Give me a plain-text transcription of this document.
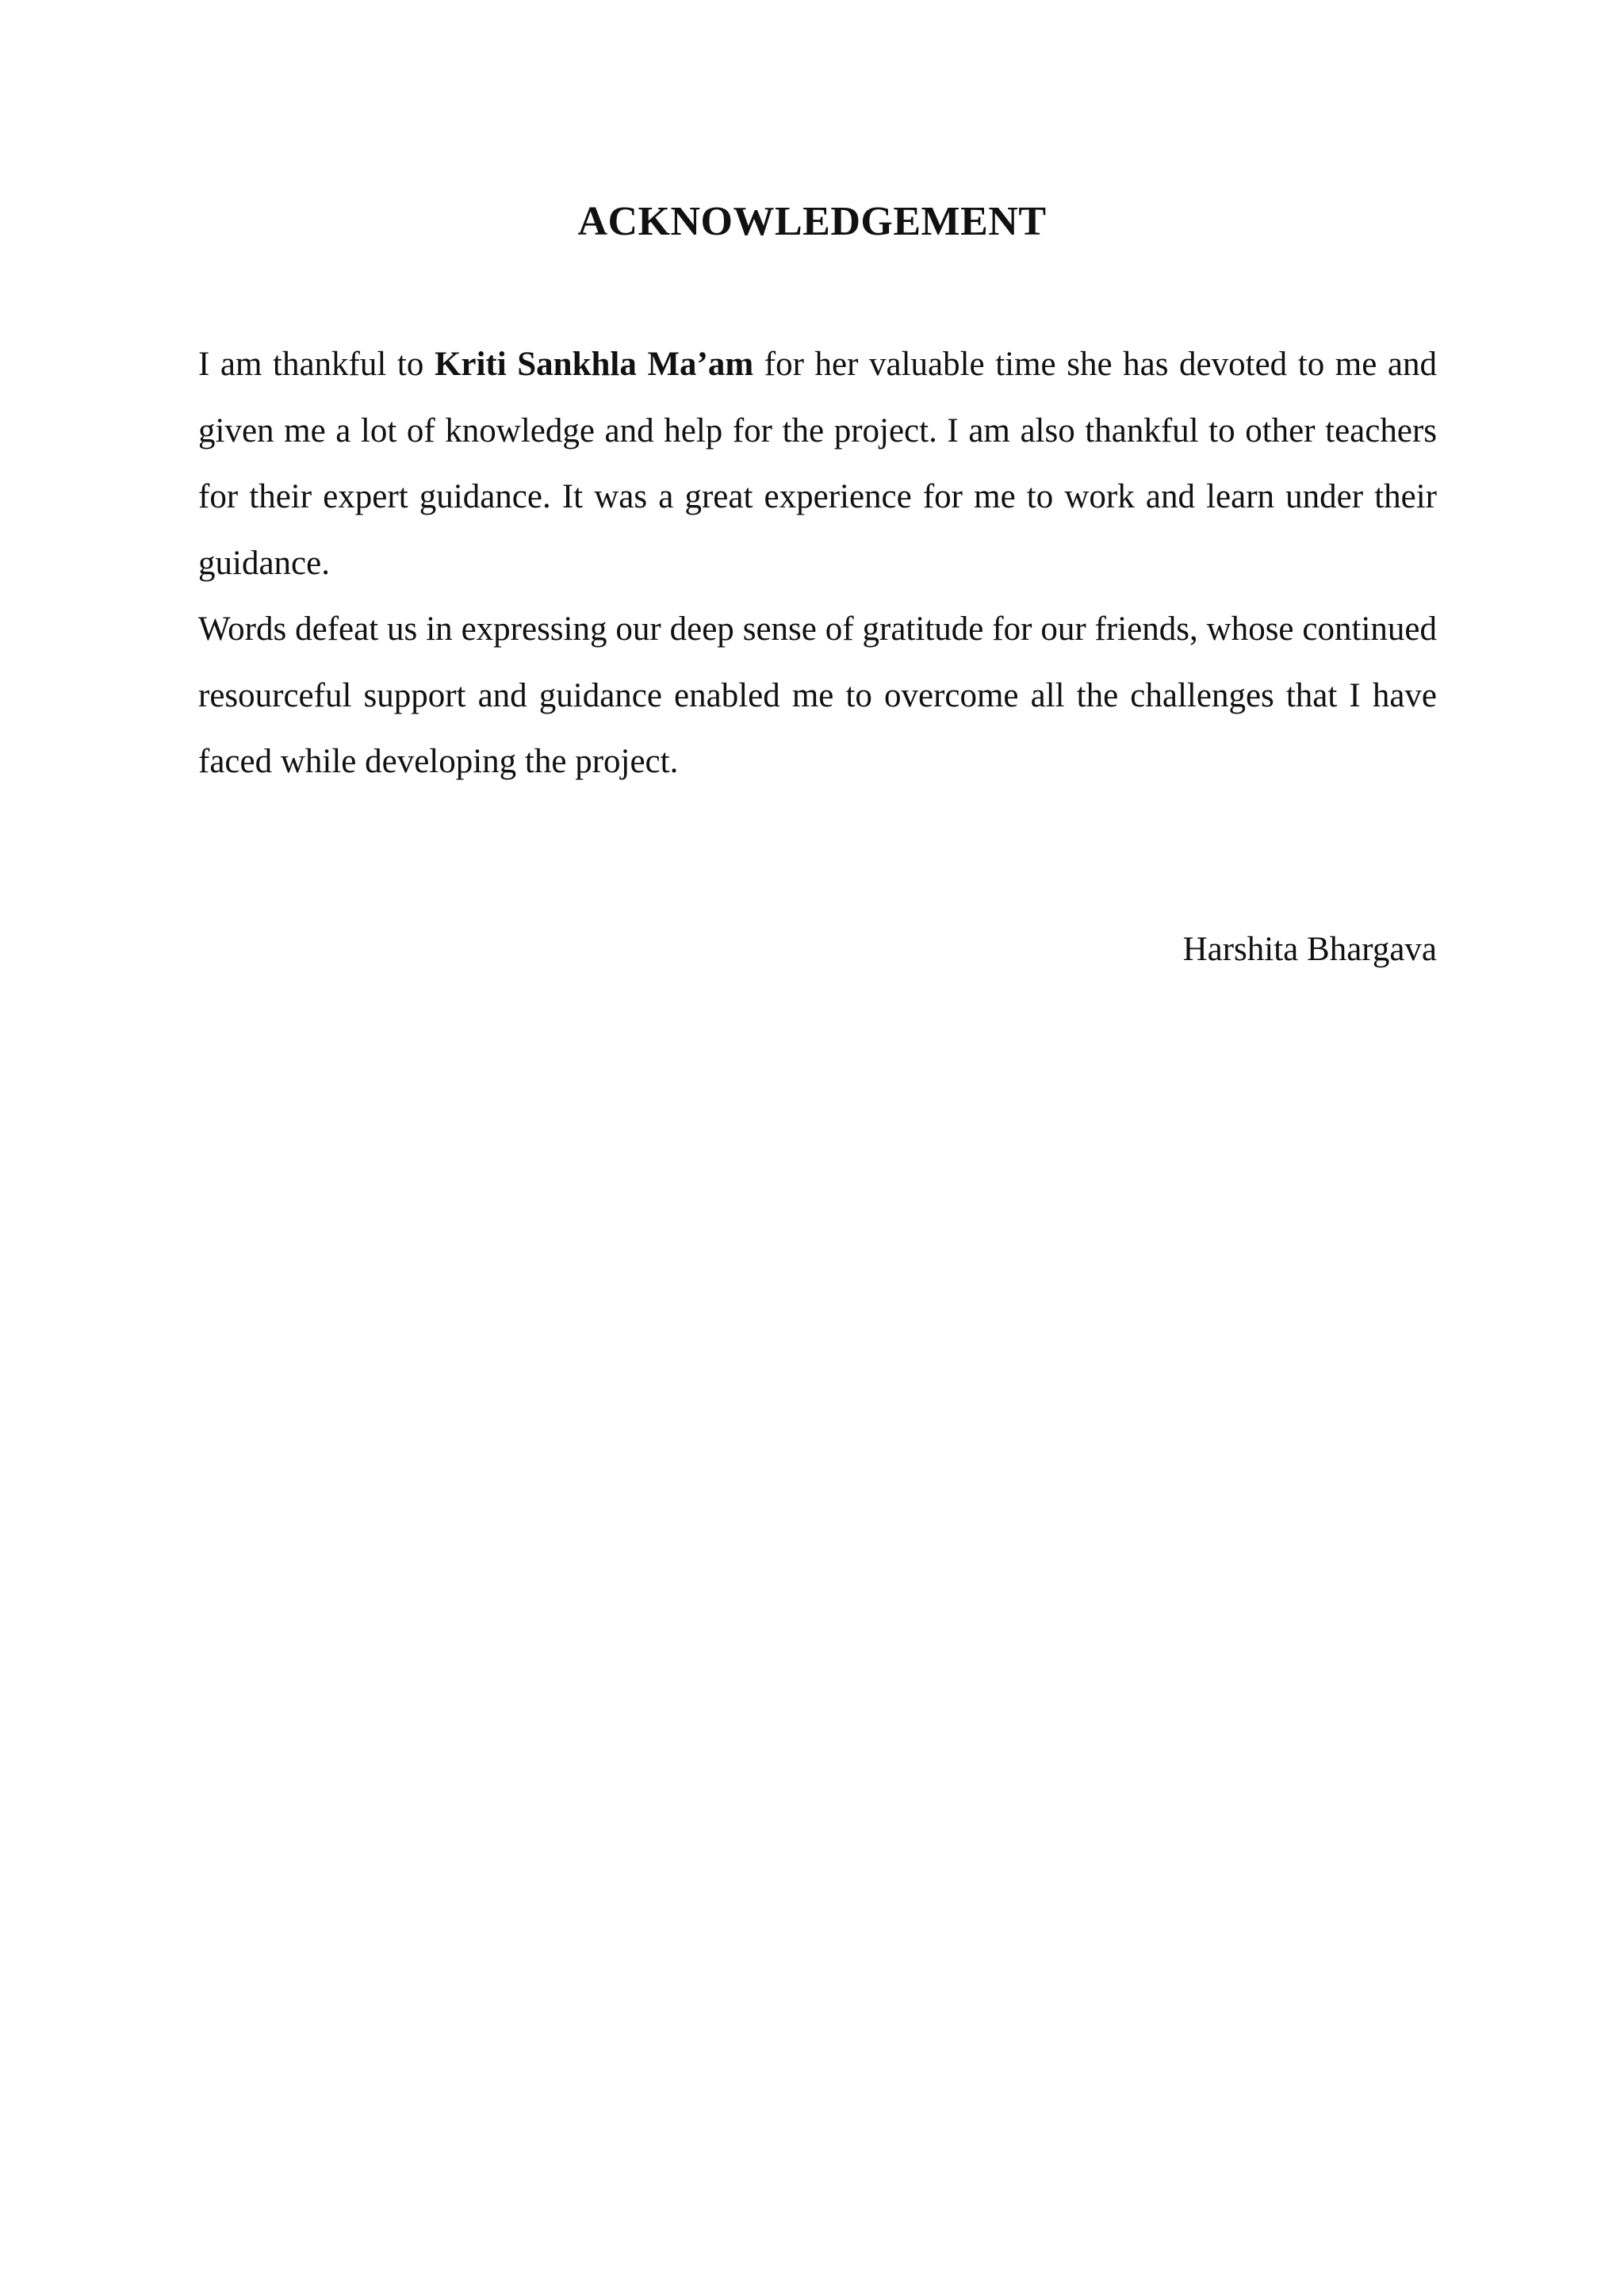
ACKNOWLEDGEMENT

I am thankful to Kriti Sankhla Ma’am for her valuable time she has devoted to me and given me a lot of knowledge and help for the project. I am also thankful to other teachers for their expert guidance. It was a great experience for me to work and learn under their guidance.

Words defeat us in expressing our deep sense of gratitude for our friends, whose continued resourceful support and guidance enabled me to overcome all the challenges that I have faced while developing the project.

Harshita Bhargava
